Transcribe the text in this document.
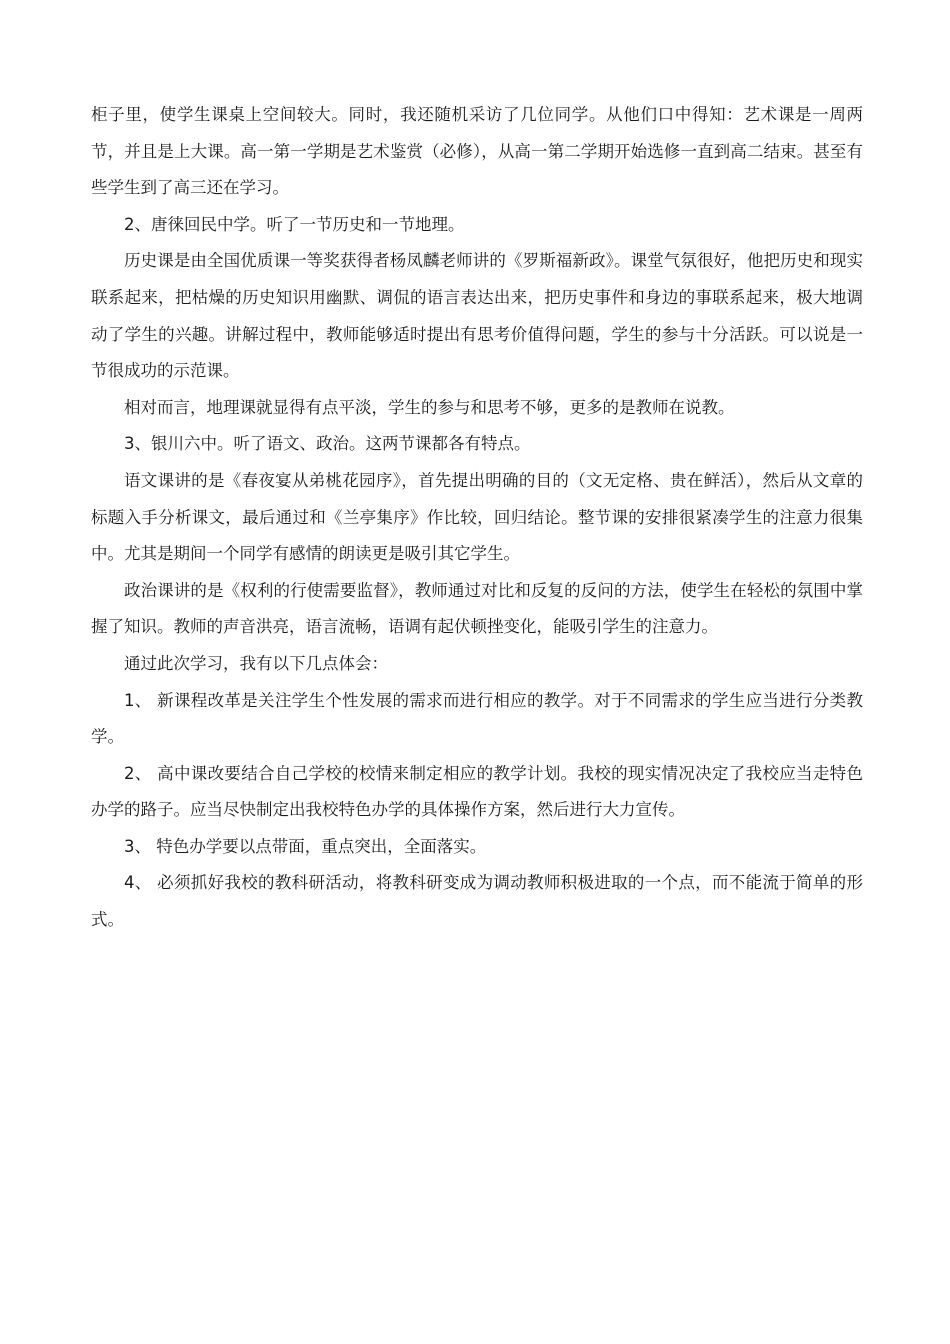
柜子里，使学生课桌上空间较大。同时，我还随机采访了几位同学。从他们口中得知：艺术课是一周两节，并且是上大课。高一第一学期是艺术鉴赏（必修），从高一第二学期开始选修一直到高二结束。甚至有些学生到了高三还在学习。

2、唐徕回民中学。听了一节历史和一节地理。

历史课是由全国优质课一等奖获得者杨凤麟老师讲的《罗斯福新政》。课堂气氛很好，他把历史和现实联系起来，把枯燥的历史知识用幽默、调侃的语言表达出来，把历史事件和身边的事联系起来，极大地调动了学生的兴趣。讲解过程中，教师能够适时提出有思考价值得问题，学生的参与十分活跃。可以说是一节很成功的示范课。

相对而言，地理课就显得有点平淡，学生的参与和思考不够，更多的是教师在说教。

3、银川六中。听了语文、政治。这两节课都各有特点。

语文课讲的是《春夜宴从弟桃花园序》，首先提出明确的目的（文无定格、贵在鲜活），然后从文章的标题入手分析课文，最后通过和《兰亭集序》作比较，回归结论。整节课的安排很紧凑学生的注意力很集中。尤其是期间一个同学有感情的朗读更是吸引其它学生。

政治课讲的是《权利的行使需要监督》，教师通过对比和反复的反问的方法，使学生在轻松的氛围中掌握了知识。教师的声音洪亮，语言流畅，语调有起伏顿挫变化，能吸引学生的注意力。

通过此次学习，我有以下几点体会：

1、 新课程改革是关注学生个性发展的需求而进行相应的教学。对于不同需求的学生应当进行分类教学。

2、 高中课改要结合自己学校的校情来制定相应的教学计划。我校的现实情况决定了我校应当走特色办学的路子。应当尽快制定出我校特色办学的具体操作方案，然后进行大力宣传。

3、 特色办学要以点带面，重点突出，全面落实。

4、 必须抓好我校的教科研活动，将教科研变成为调动教师积极进取的一个点，而不能流于简单的形式。
